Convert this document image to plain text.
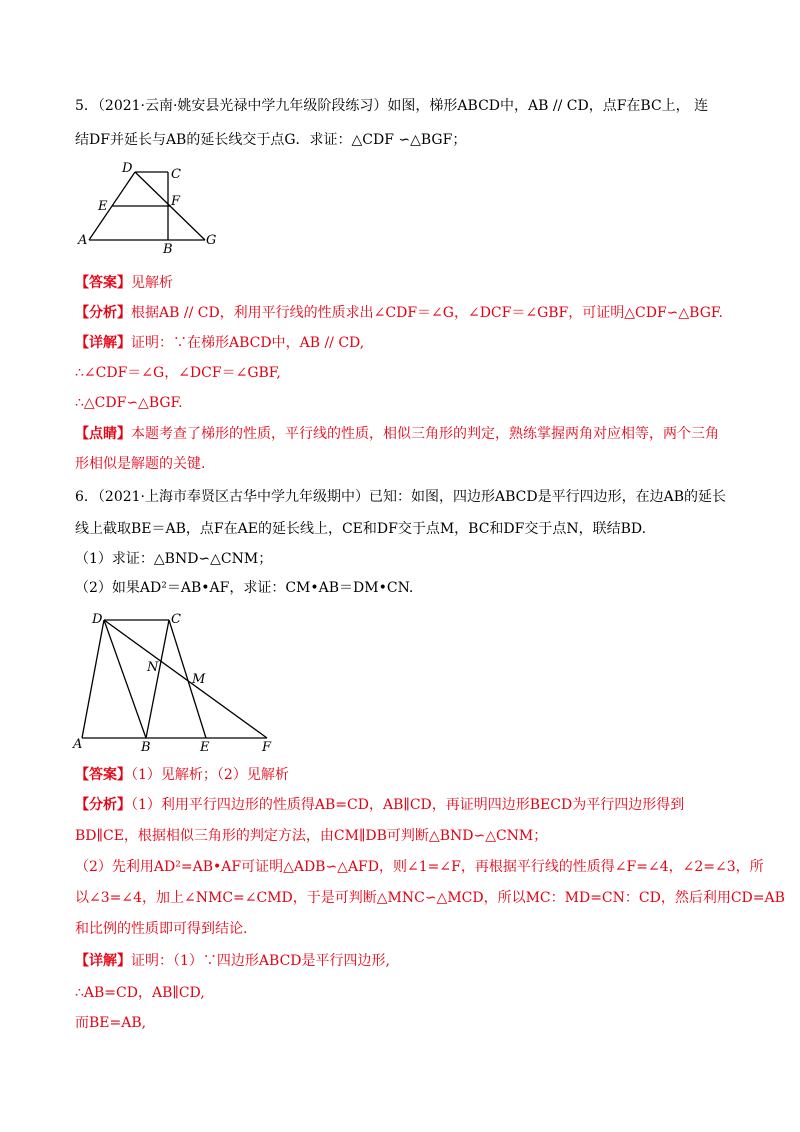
5．（2021·云南·姚安县光禄中学九年级阶段练习）如图，梯形ABCD中，AB // CD，点F在BC上， 连
结DF并延长与AB的延长线交于点G．求证：△CDF ∽△BGF；
D	C
E	F
A
B
G
【答案】见解析
【分析】根据AB // CD，利用平行线的性质求出∠CDF＝∠G，∠DCF＝∠GBF，可证明△CDF∽△BGF.
【详解】证明：∵在梯形ABCD中，AB // CD,
∴∠CDF＝∠G，∠DCF＝∠GBF,
∴△CDF∽△BGF.
【点睛】本题考查了梯形的性质，平行线的性质，相似三角形的判定，熟练掌握两角对应相等，两个三角
形相似是解题的关键.
6．（2021·上海市奉贤区古华中学九年级期中）已知：如图，四边形ABCD是平行四边形，在边AB的延长
线上截取BE＝AB，点F在AE的延长线上，CE和DF交于点M，BC和DF交于点N，联结BD.
（1）求证：△BND∽△CNM；
（2）如果AD²＝AB•AF，求证：CM•AB＝DM•CN.
D	C
N
M
A	B	E	F
【答案】（1）见解析；（2）见解析
【分析】（1）利用平行四边形的性质得AB=CD，AB∥CD，再证明四边形BECD为平行四边形得到
BD∥CE，根据相似三角形的判定方法，由CM∥DB可判断△BND∽△CNM；
（2）先利用AD²=AB•AF可证明△ADB∽△AFD，则∠1=∠F，再根据平行线的性质得∠F=∠4，∠2=∠3，所
以∠3=∠4，加上∠NMC=∠CMD，于是可判断△MNC∽△MCD，所以MC：MD=CN：CD，然后利用CD=AB
和比例的性质即可得到结论.
【详解】证明：（1）∵四边形ABCD是平行四边形,
∴AB=CD，AB∥CD,
而BE=AB,
